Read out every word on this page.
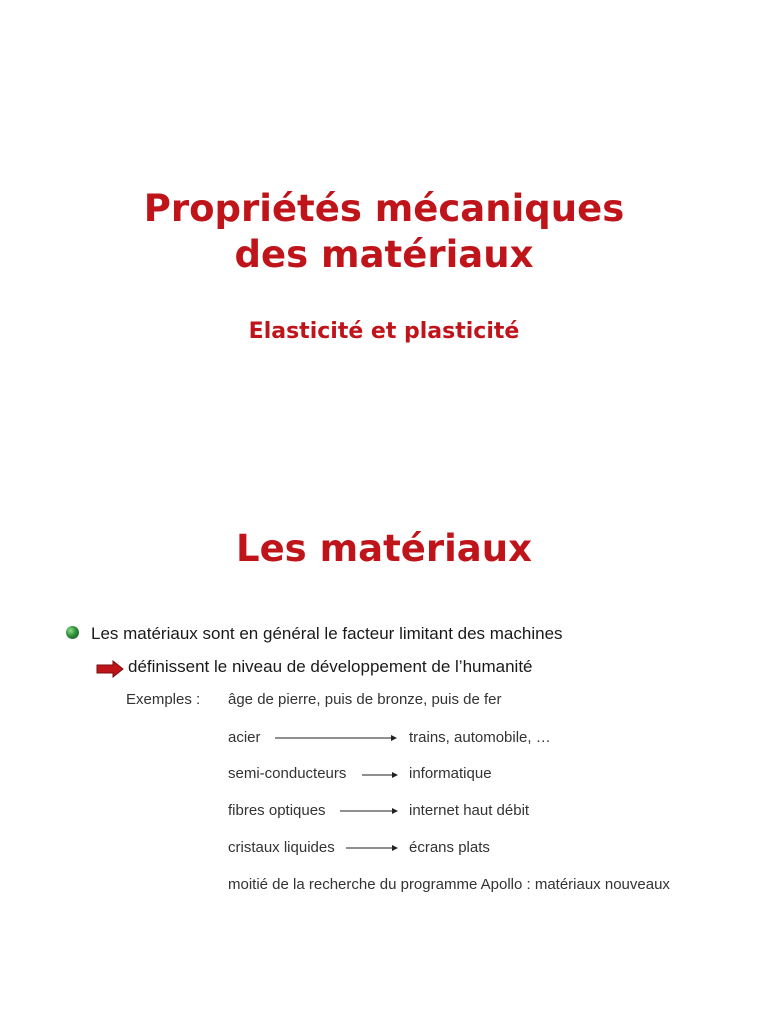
Propriétés mécaniques
des matériaux
Elasticité et plasticité
Les matériaux
Les matériaux sont en général le facteur limitant des machines
définissent le niveau de développement de l’humanité
Exemples : âge de pierre, puis de bronze, puis de fer
acier	trains, automobile, …
semi-conducteurs	informatique
fibres optiques	internet haut débit
cristaux liquides	écrans plats
moitié de la recherche du programme Apollo : matériaux nouveaux
